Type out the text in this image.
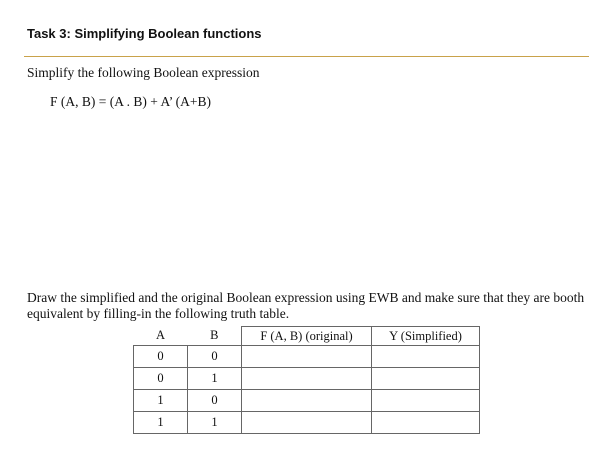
Task 3: Simplifying Boolean functions
Simplify the following Boolean expression
F (A, B) = (A . B) + A’ (A+B)
Draw the simplified and the original Boolean expression using EWB and make sure that they are booth equivalent by filling-in the following truth table.
A	B	F (A, B) (original)	Y (Simplified)
0	0		
0	1		
1	0		
1	1		
